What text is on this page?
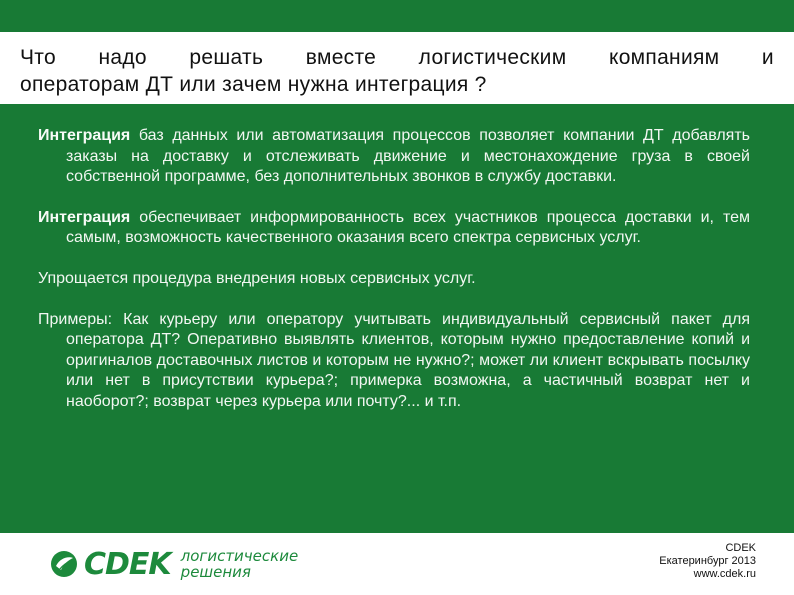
Что надо решать вместе логистическим компаниям и
операторам ДТ или зачем нужна интеграция ?

Интеграция баз данных или автоматизация процессов позволяет компании ДТ добавлять заказы на доставку и отслеживать движение и местонахождение груза в своей собственной программе, без дополнительных звонков в службу доставки.

Интеграция обеспечивает информированность всех участников процесса доставки и, тем самым, возможность качественного оказания всего спектра сервисных услуг.

Упрощается процедура внедрения новых сервисных услуг.

Примеры: Как курьеру или оператору учитывать индивидуальный сервисный пакет для оператора ДТ? Оперативно выявлять клиентов, которым нужно предоставление копий и оригиналов доставочных листов и которым не нужно?; может ли клиент вскрывать посылку или нет в присутствии курьера?; примерка возможна, а частичный возврат нет и наоборот?; возврат через курьера или почту?... и т.п.

CDEK логистические
решения
CDEK
Екатеринбург 2013
www.cdek.ru
